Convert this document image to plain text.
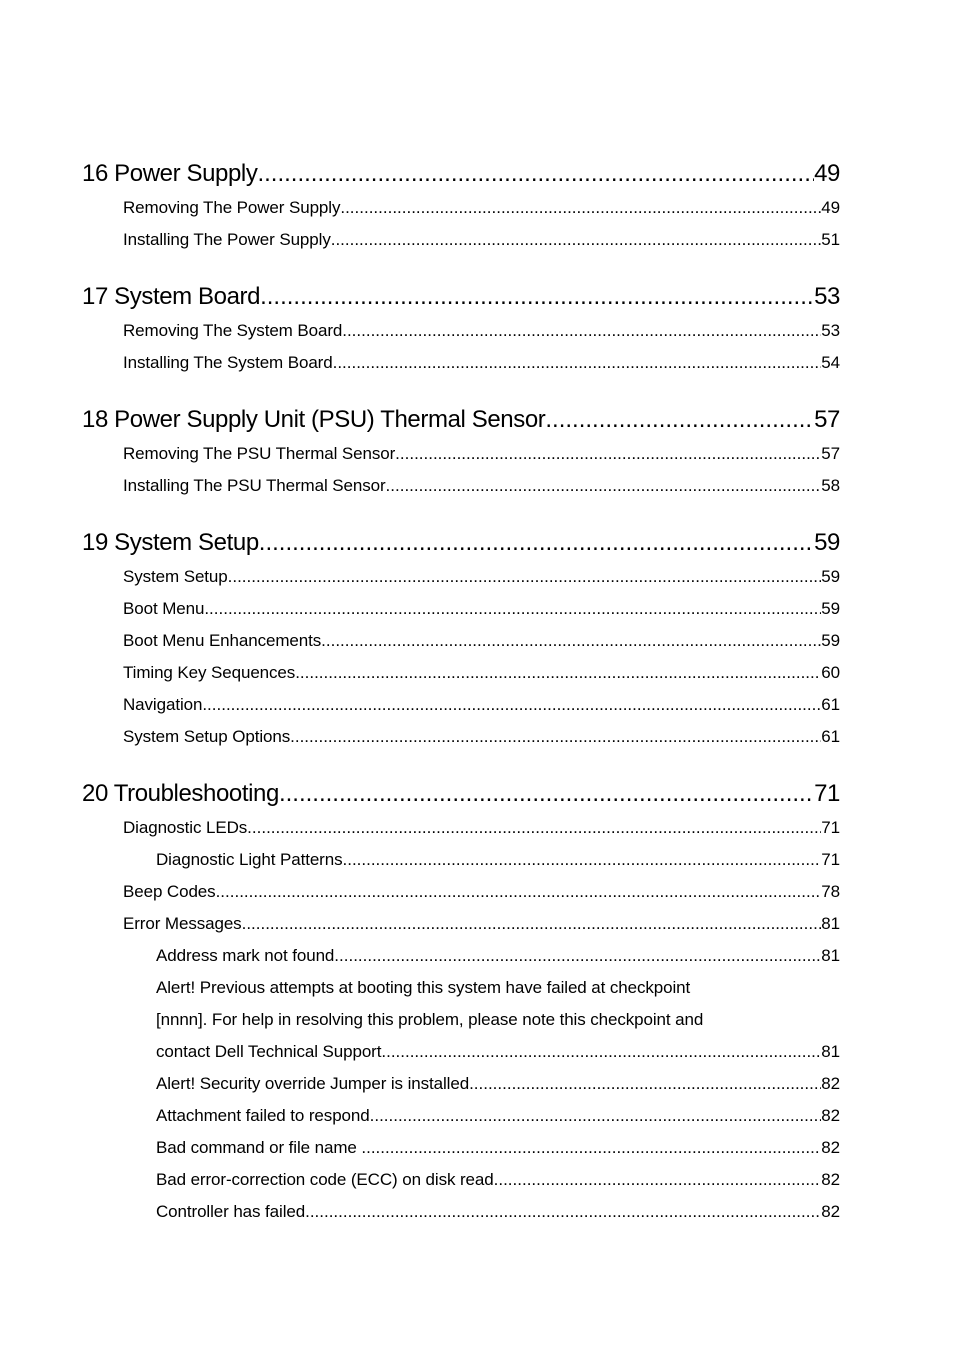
16 Power Supply .....	49
Removing The Power Supply .....	49
Installing The Power Supply .....	51
17 System Board .....	53
Removing The System Board .....	53
Installing The System Board .....	54
18 Power Supply Unit (PSU) Thermal Sensor .....	57
Removing The PSU Thermal Sensor .....	57
Installing The PSU Thermal Sensor .....	58
19 System Setup .....	59
System Setup .....	59
Boot Menu .....	59
Boot Menu Enhancements .....	59
Timing Key Sequences .....	60
Navigation .....	61
System Setup Options .....	61
20 Troubleshooting .....	71
Diagnostic LEDs .....	71
Diagnostic Light Patterns .....	71
Beep Codes .....	78
Error Messages .....	81
Address mark not found .....	81
Alert! Previous attempts at booting this system have failed at checkpoint
[nnnn]. For help in resolving this problem, please note this checkpoint and
contact Dell Technical Support .....	81
Alert! Security override Jumper is installed .....	82
Attachment failed to respond .....	82
Bad command or file name .....	82
Bad error-correction code (ECC) on disk read .....	82
Controller has failed .....	82
